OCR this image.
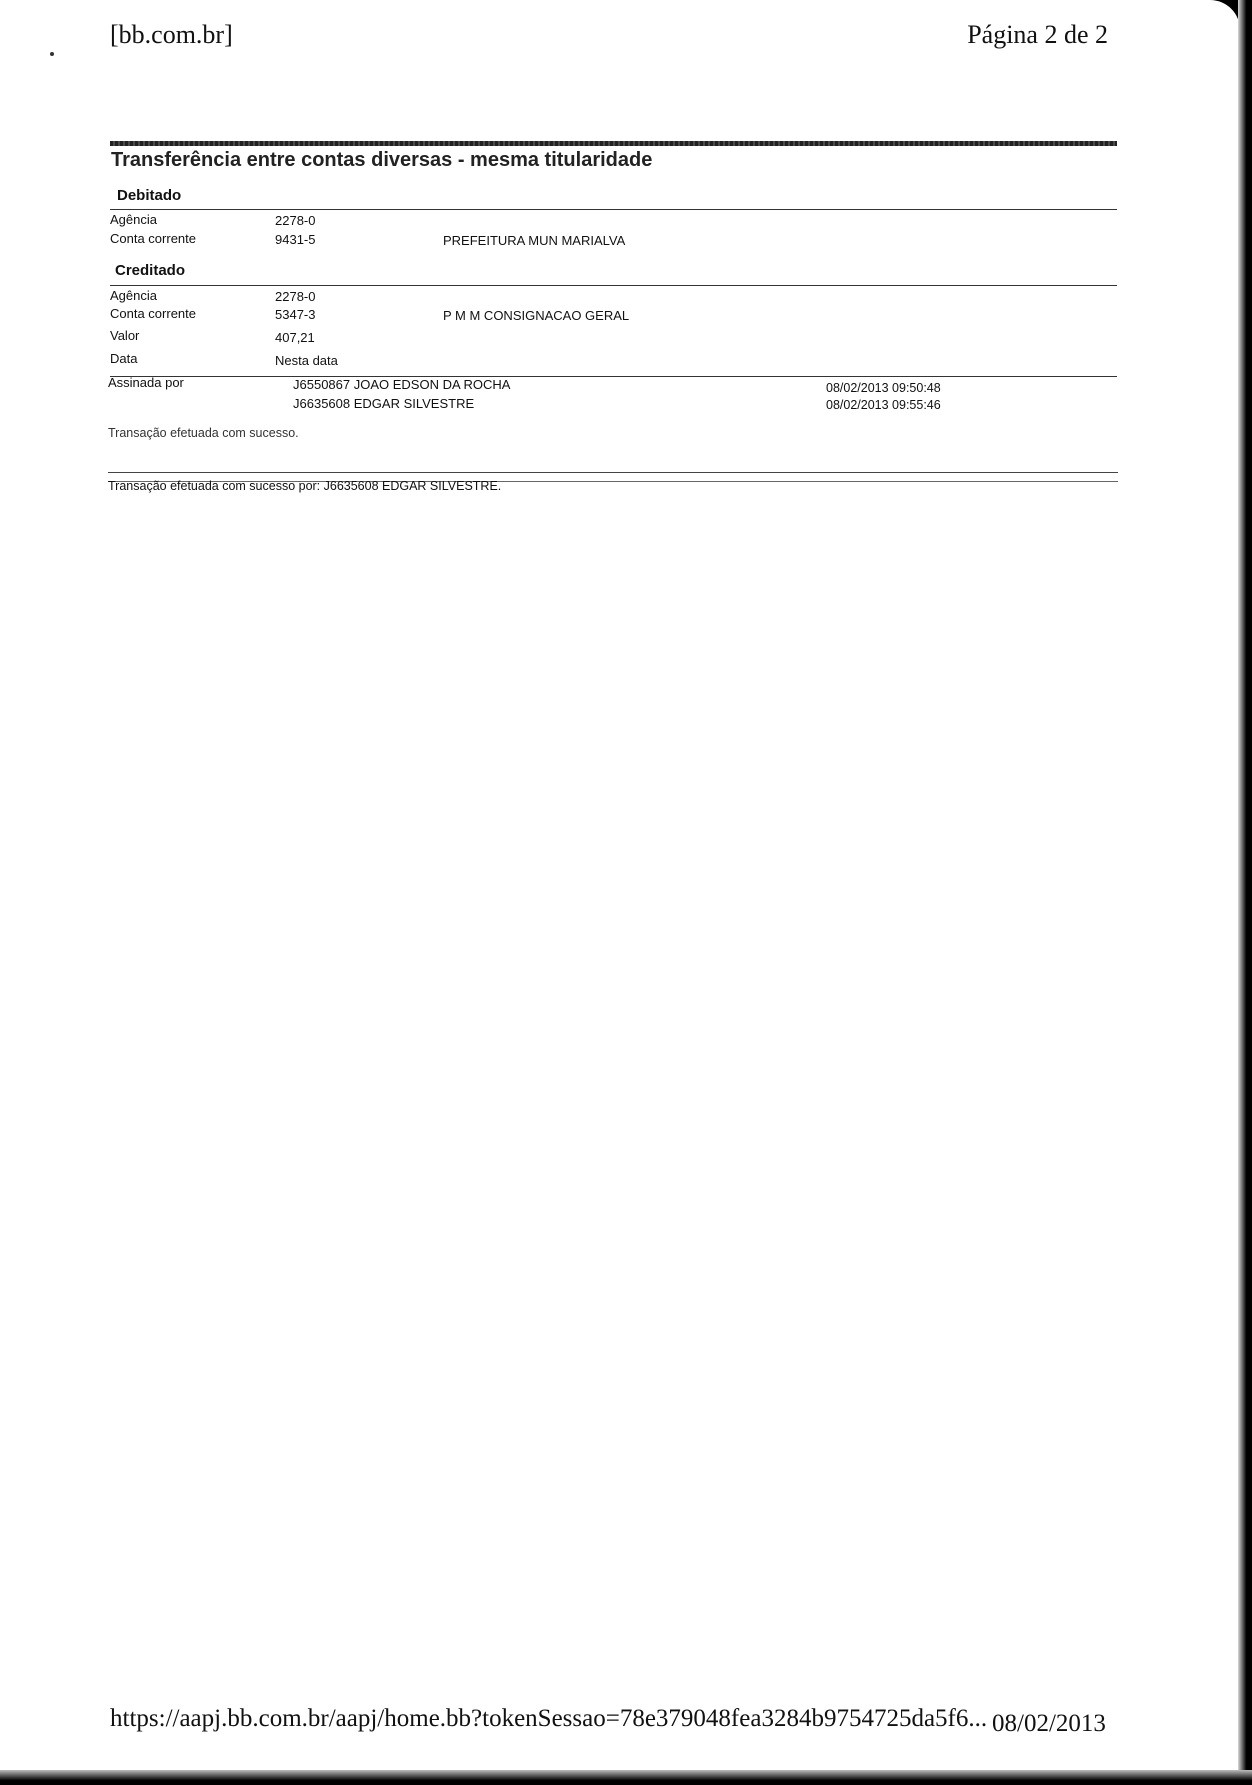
[bb.com.br]	Página 2 de 2
Transferência entre contas diversas - mesma titularidade
Debitado
Agência	2278-0
Conta corrente	9431-5	PREFEITURA MUN MARIALVA
Creditado
Agência	2278-0
Conta corrente	5347-3	P M M CONSIGNACAO GERAL
Valor	407,21
Data	Nesta data
Assinada por	J6550867 JOAO EDSON DA ROCHA	08/02/2013 09:50:48
J6635608 EDGAR SILVESTRE	08/02/2013 09:55:46
Transação efetuada com sucesso.
Transação efetuada com sucesso por: J6635608 EDGAR SILVESTRE.
https://aapj.bb.com.br/aapj/home.bb?tokenSessao=78e379048fea3284b9754725da5f6... 08/02/2013
